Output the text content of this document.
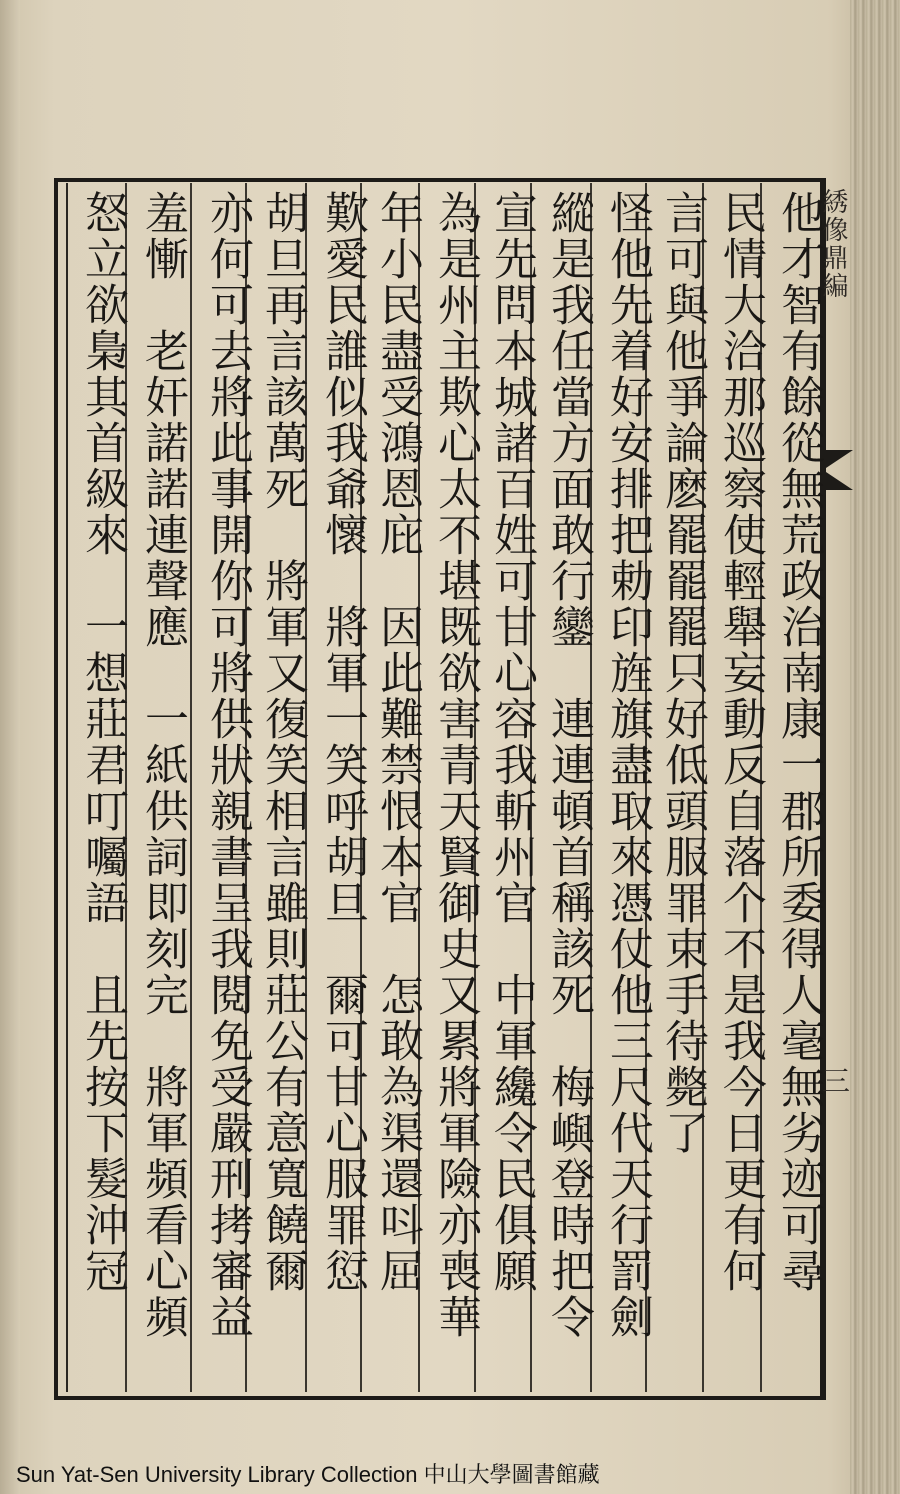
綉像鼎編
三
他才智有餘從無荒政治南康一郡所委得人毫無劣迹可尋
民情大洽那巡察使輕舉妄動反自落个不是我今日更有何
言可與他爭論麽罷罷罷只好低頭服罪束手待斃了
怪他先着好安排把勅印旌旗盡取來憑仗他三尺代天行罰劍
縱是我任當方面敢行鑾　連連頓首稱該死　梅嶼登時把令
宣先問本城諸百姓可甘心容我斬州官　中軍纔令民俱願
為是州主欺心太不堪既欲害青天賢御史又累將軍險亦喪華
年小民盡受鴻恩庇　因此難禁恨本官　怎敢為渠還呌屈
歎愛民誰似我爺懷　將軍一笑呼胡旦　爾可甘心服罪愆
胡旦再言該萬死　將軍又復笑相言雖則莊公有意寬饒爾
亦何可去將此事開你可將供狀親書呈我閱免受嚴刑拷審益
羞慚　老奸諾諾連聲應　一紙供詞即刻完　將軍頻看心頻
怒立欲梟其首級來　一想莊君叮囑語　且先按下髮沖冠
Sun Yat-Sen University Library Collection 中山大學圖書館藏
